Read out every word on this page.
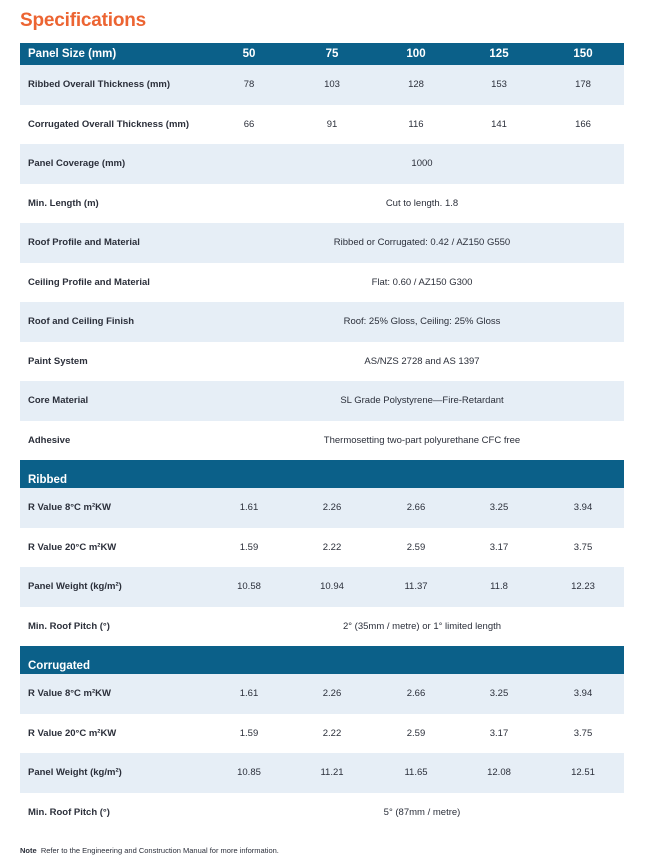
Specifications
Panel Size (mm)	50	75	100	125	150
Ribbed Overall Thickness (mm)	78	103	128	153	178
Corrugated Overall Thickness (mm)	66	91	116	141	166
Panel Coverage (mm)	1000
Min. Length (m)	Cut to length. 1.8
Roof Profile and Material	Ribbed or Corrugated: 0.42 / AZ150 G550
Ceiling Profile and Material	Flat: 0.60 / AZ150 G300
Roof and Ceiling Finish	Roof: 25% Gloss, Ceiling: 25% Gloss
Paint System	AS/NZS 2728 and AS 1397
Core Material	SL Grade Polystyrene—Fire-Retardant
Adhesive	Thermosetting two-part polyurethane CFC free
Ribbed
R Value 8°C m²KW	1.61	2.26	2.66	3.25	3.94
R Value 20°C m²KW	1.59	2.22	2.59	3.17	3.75
Panel Weight (kg/m²)	10.58	10.94	11.37	11.8	12.23
Min. Roof Pitch (°)	2° (35mm / metre) or 1° limited length
Corrugated
R Value 8°C m²KW	1.61	2.26	2.66	3.25	3.94
R Value 20°C m²KW	1.59	2.22	2.59	3.17	3.75
Panel Weight (kg/m²)	10.85	11.21	11.65	12.08	12.51
Min. Roof Pitch (°)	5° (87mm / metre)
Note Refer to the Engineering and Construction Manual for more information.
